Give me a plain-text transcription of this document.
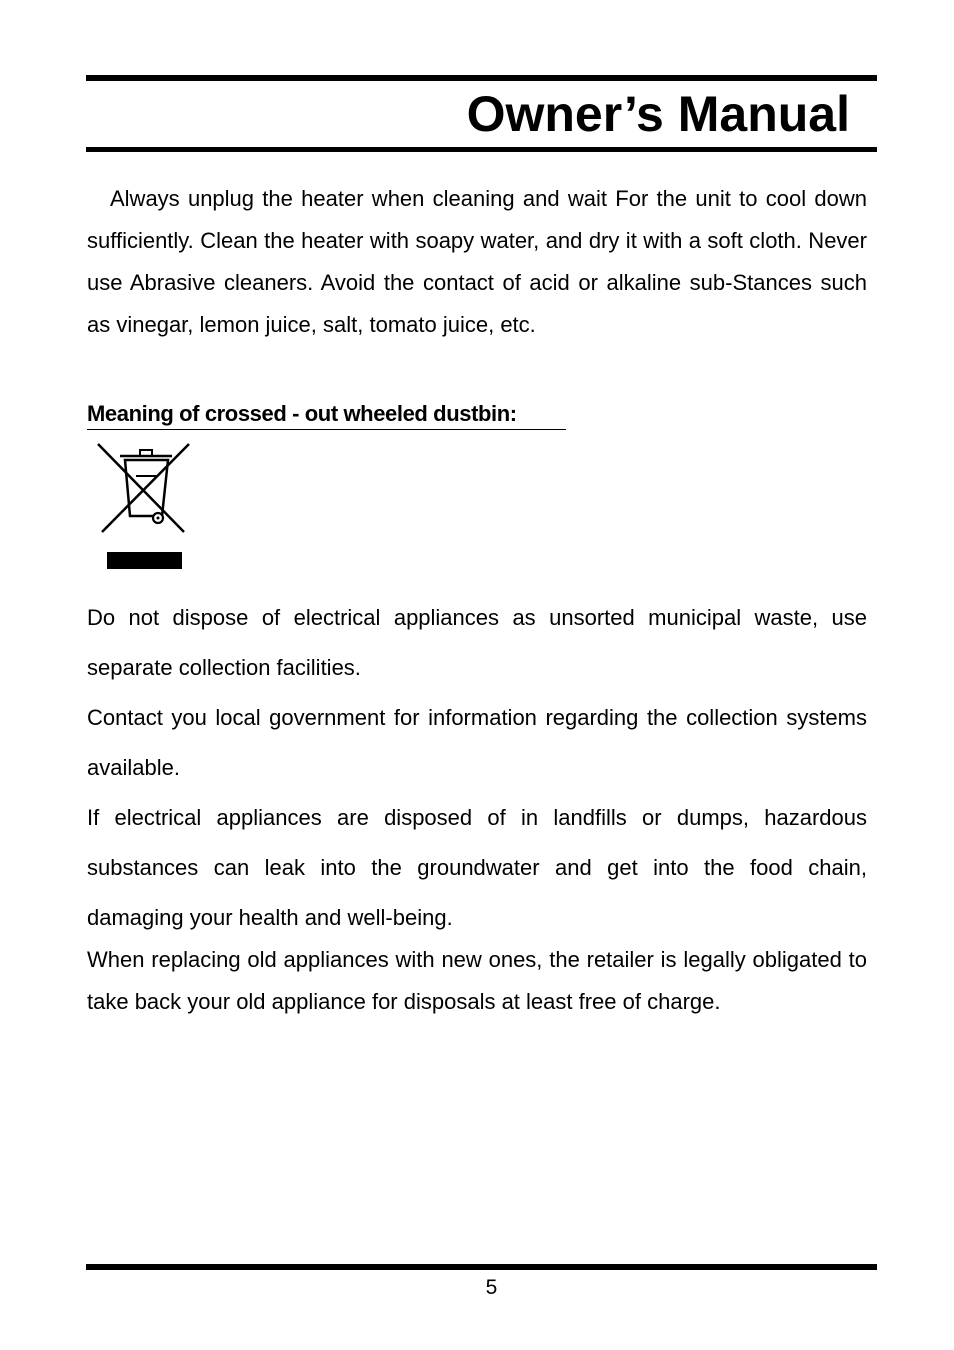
Owner’s Manual

Always unplug the heater when cleaning and wait For the unit to cool down sufficiently. Clean the heater with soapy water, and dry it with a soft cloth. Never use Abrasive cleaners. Avoid the contact of acid or alkaline sub-Stances such as vinegar, lemon juice, salt, tomato juice, etc.

Meaning of crossed - out wheeled dustbin:

Do not dispose of electrical appliances as unsorted municipal waste, use separate collection facilities.

Contact you local government for information regarding the collection systems available.

If electrical appliances are disposed of in landfills or dumps, hazardous substances can leak into the groundwater and get into the food chain, damaging your health and well-being.

When replacing old appliances with new ones, the retailer is legally obligated to take back your old appliance for disposals at least free of charge.

5
